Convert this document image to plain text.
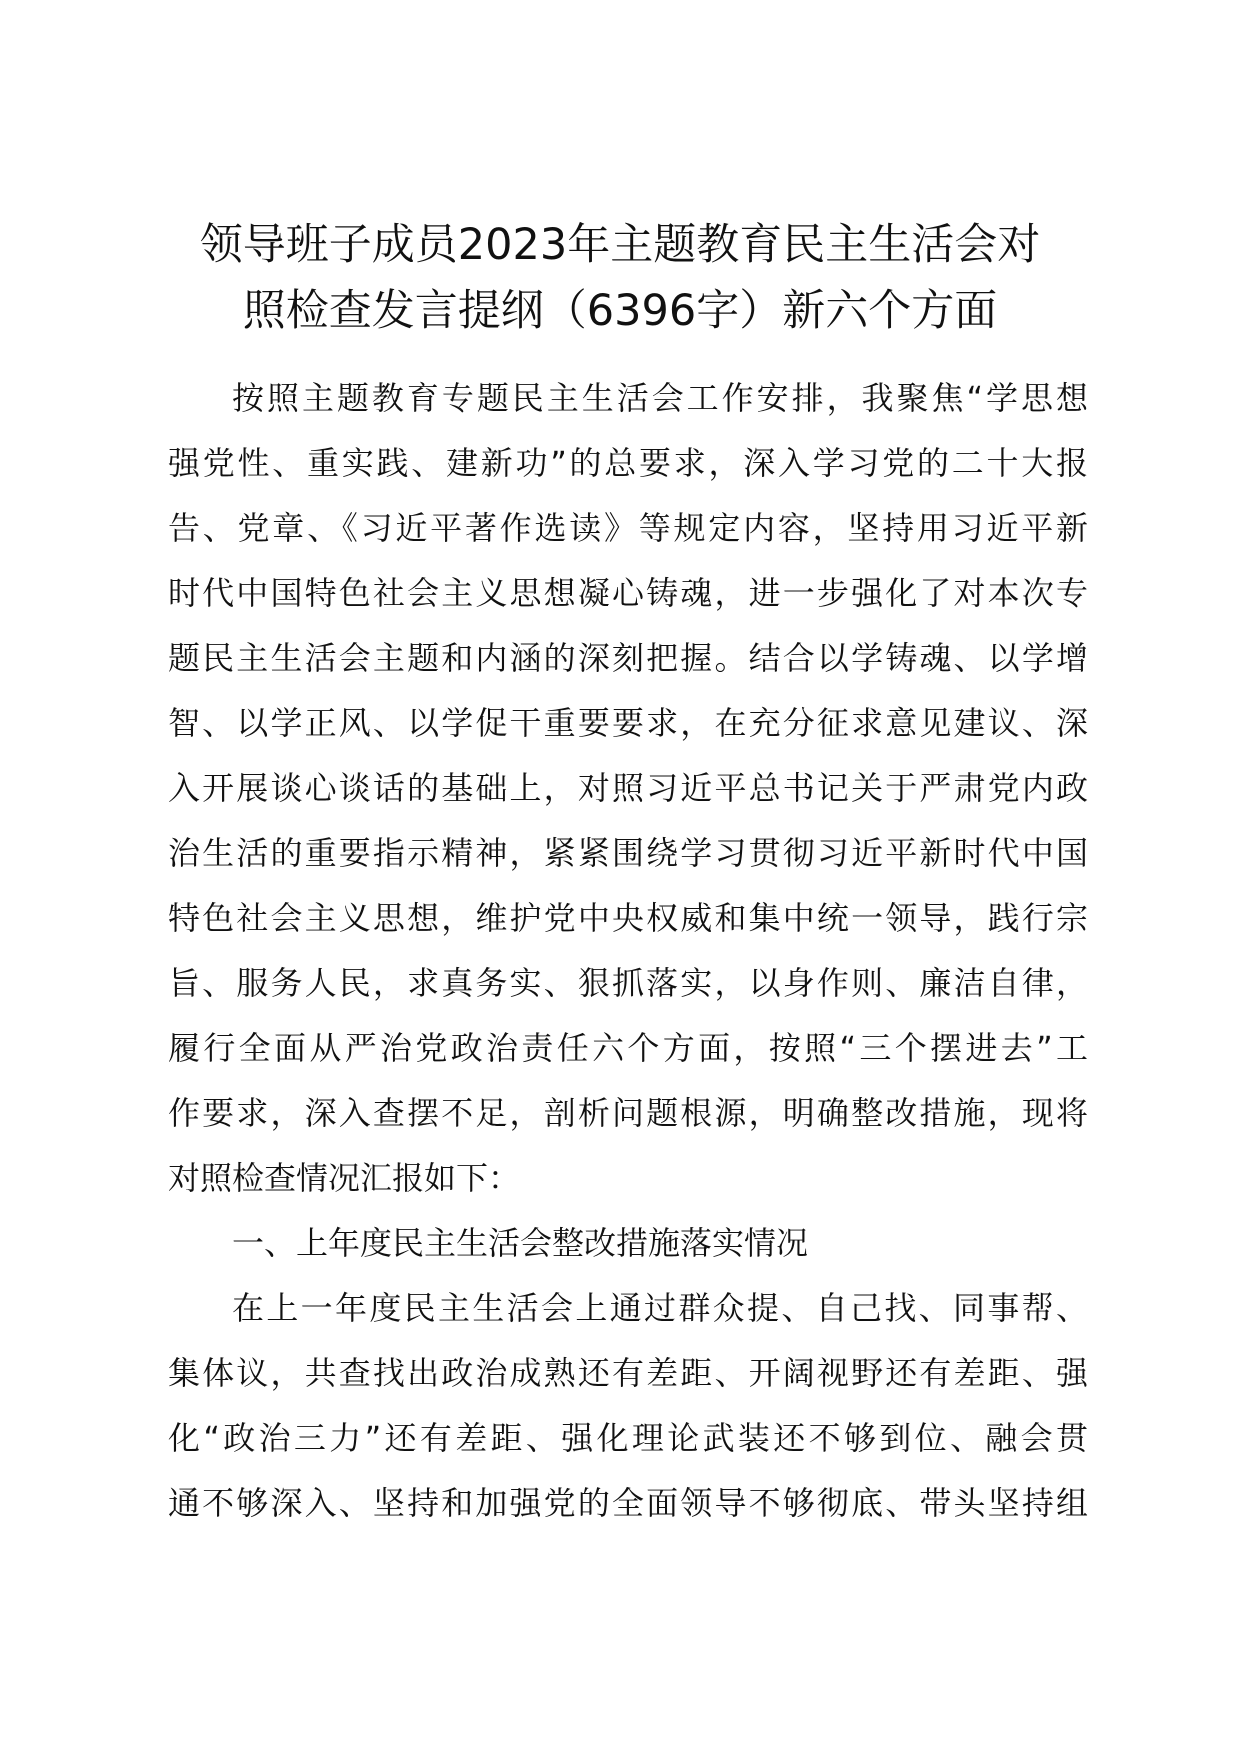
领导班子成员2023年主题教育民主生活会对
照检查发言提纲（6396字）新六个方面
按照主题教育专题民主生活会工作安排，我聚焦“学思想
强党性、重实践、建新功”的总要求，深入学习党的二十大报
告、党章、《习近平著作选读》等规定内容，坚持用习近平新
时代中国特色社会主义思想凝心铸魂，进一步强化了对本次专
题民主生活会主题和内涵的深刻把握。结合以学铸魂、以学增
智、以学正风、以学促干重要要求，在充分征求意见建议、深
入开展谈心谈话的基础上，对照习近平总书记关于严肃党内政
治生活的重要指示精神，紧紧围绕学习贯彻习近平新时代中国
特色社会主义思想，维护党中央权威和集中统一领导，践行宗
旨、服务人民，求真务实、狠抓落实，以身作则、廉洁自律，
履行全面从严治党政治责任六个方面，按照“三个摆进去”工
作要求，深入查摆不足，剖析问题根源，明确整改措施，现将
对照检查情况汇报如下：
一、上年度民主生活会整改措施落实情况
在上一年度民主生活会上通过群众提、自己找、同事帮、
集体议，共查找出政治成熟还有差距、开阔视野还有差距、强
化“政治三力”还有差距、强化理论武装还不够到位、融会贯
通不够深入、坚持和加强党的全面领导不够彻底、带头坚持组
